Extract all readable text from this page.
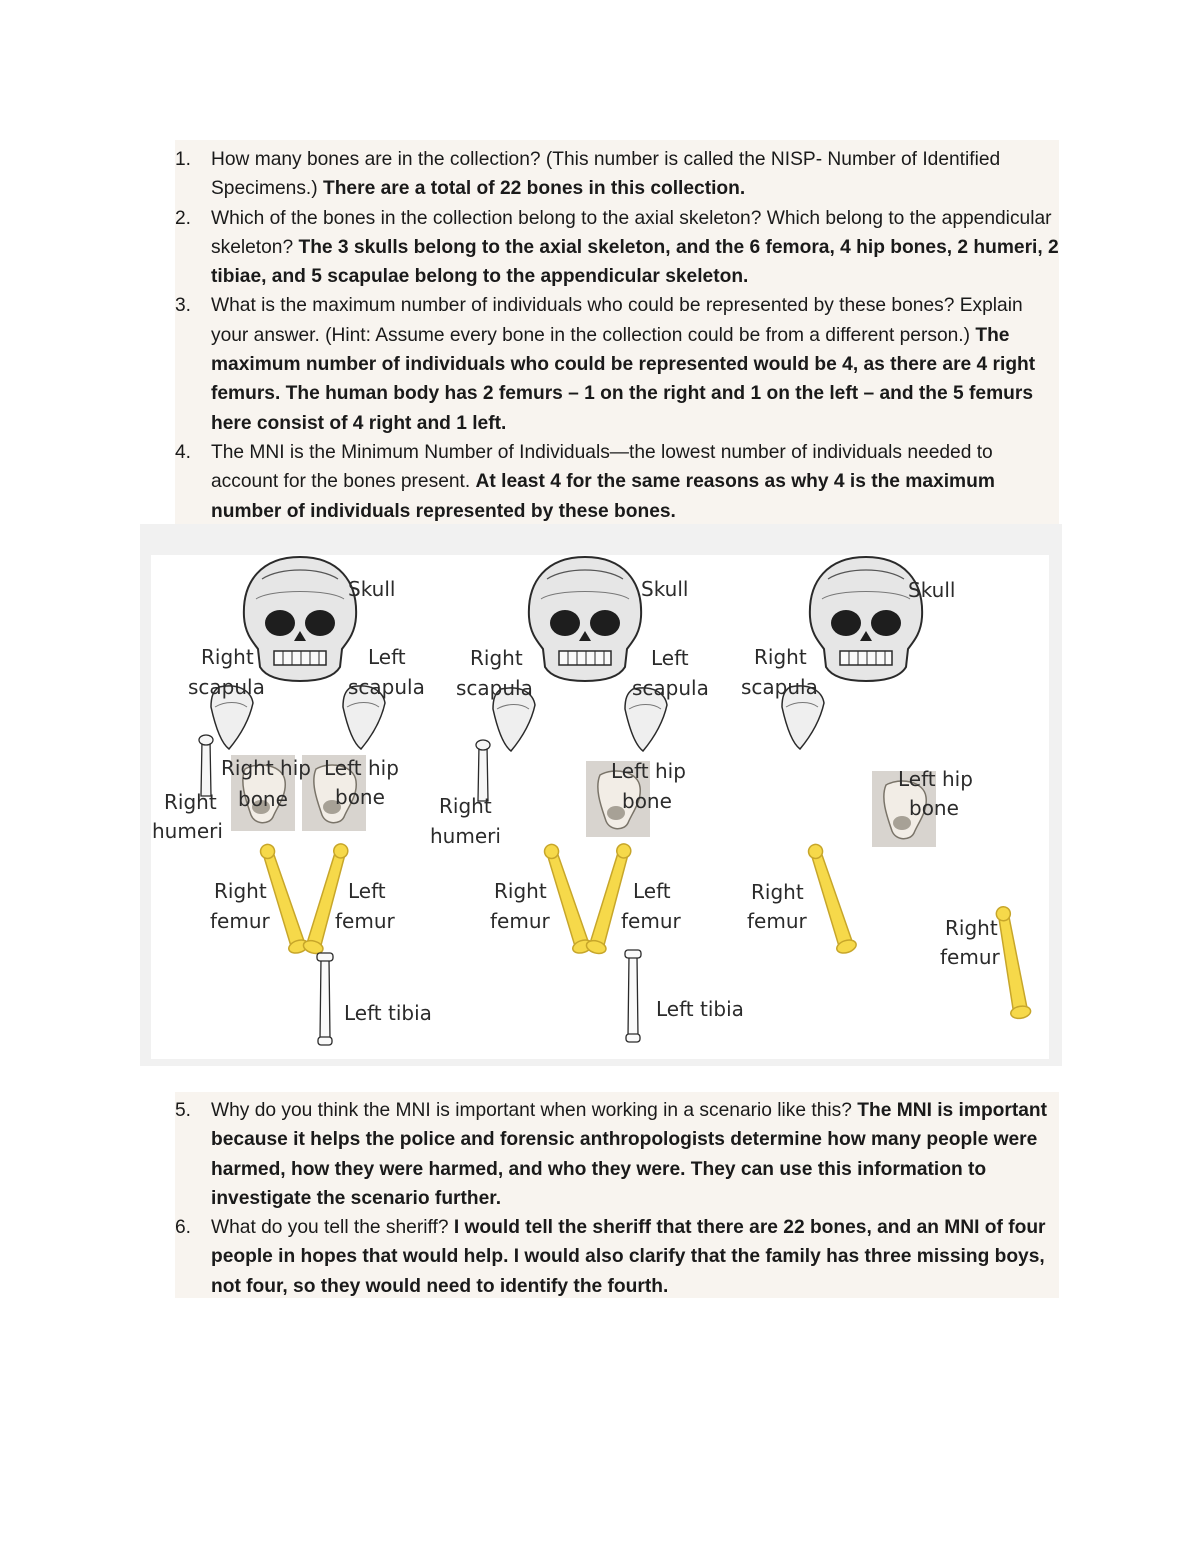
1. How many bones are in the collection? (This number is called the NISP- Number of Identified Specimens.) There are a total of 22 bones in this collection.
2. Which of the bones in the collection belong to the axial skeleton? Which belong to the appendicular skeleton? The 3 skulls belong to the axial skeleton, and the 6 femora, 4 hip bones, 2 humeri, 2 tibiae, and 5 scapulae belong to the appendicular skeleton.
3. What is the maximum number of individuals who could be represented by these bones? Explain your answer. (Hint: Assume every bone in the collection could be from a different person.) The maximum number of individuals who could be represented would be 4, as there are 4 right femurs. The human body has 2 femurs – 1 on the right and 1 on the left – and the 5 femurs here consist of 4 right and 1 left.
4. The MNI is the Minimum Number of Individuals—the lowest number of individuals needed to account for the bones present. At least 4 for the same reasons as why 4 is the maximum number of individuals represented by these bones.
Skull
Right
scapula
Left
scapula
Right hip
bone
Left hip
bone
Right
humeri
Right
femur
Left
femur
Left tibia
Skull
Right
scapula
Left
scapula
Left hip
bone
Right
humeri
Right
femur
Left
femur
Left tibia
Skull
Right
scapula
Left hip
bone
Right
femur	Right
femur
5. Why do you think the MNI is important when working in a scenario like this? The MNI is important because it helps the police and forensic anthropologists determine how many people were harmed, how they were harmed, and who they were. They can use this information to investigate the scenario further.
6. What do you tell the sheriff? I would tell the sheriff that there are 22 bones, and an MNI of four people in hopes that would help. I would also clarify that the family has three missing boys, not four, so they would need to identify the fourth.
